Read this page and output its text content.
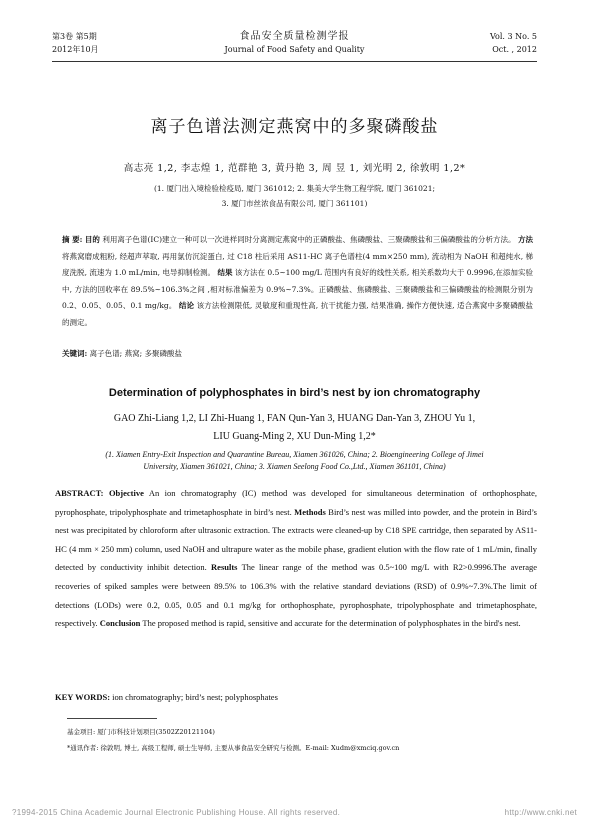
第3卷 第5期
2012年10月
食品安全质量检测学报
Journal of Food Safety and Quality
Vol. 3 No. 5
Oct. , 2012
离子色谱法测定燕窝中的多聚磷酸盐
高志亮 1,2, 李志煌 1, 范群艳 3, 黄丹艳 3, 周 昱 1, 刘光明 2, 徐敦明 1,2*
(1. 厦门出入境检验检疫局, 厦门 361012; 2. 集美大学生物工程学院, 厦门 361021;
3. 厦门市丝浓食品有限公司, 厦门 361101)
摘 要: 目的 利用离子色谱(IC)建立一种可以一次进样同时分离测定燕窝中的正磷酸盐、焦磷酸盐、三聚磷酸盐和三偏磷酸盐的分析方法。 方法 将燕窝磨成粗粉, 经超声萃取, 再用氯仿沉淀蛋白, 过 C18 柱后采用 AS11-HC 离子色谱柱(4 mm×250 mm), 流动相为 NaOH 和超纯水, 梯度洗脱, 流速为 1.0 mL/min, 电导抑制检测。 结果 该方法在 0.5~100 mg/L 范围内有良好的线性关系, 相关系数均大于 0.9996,在添加实验中, 方法的回收率在 89.5%~106.3%之间 ,相对标准偏差为 0.9%~7.3%。正磷酸盐、焦磷酸盐、三聚磷酸盐和三偏磷酸盐的检测限分别为 0.2、0.05、0.05、0.1 mg/kg。 结论 该方法检测限低, 灵敏度和重现性高, 抗干扰能力强, 结果准确, 操作方便快速, 适合燕窝中多聚磷酸盐的测定。
关键词: 离子色谱; 燕窝; 多聚磷酸盐
Determination of polyphosphates in bird’s nest by ion chromatography
GAO Zhi-Liang 1,2, LI Zhi-Huang 1, FAN Qun-Yan 3, HUANG Dan-Yan 3, ZHOU Yu 1,
LIU Guang-Ming 2, XU Dun-Ming 1,2*
(1. Xiamen Entry-Exit Inspection and Quarantine Bureau, Xiamen 361026, China; 2. Bioengineering College of Jimei
University, Xiamen 361021, China; 3. Xiamen Seelong Food Co.,Ltd., Xiamen 361101, China)
ABSTRACT: Objective An ion chromatography (IC) method was developed for simultaneous determination of orthophosphate, pyrophosphate, tripolyphosphate and trimetaphosphate in bird’s nest. Methods Bird’s nest was milled into powder, and the protein in Bird’s nest was precipitated by chloroform after ultrasonic extraction. The extracts were cleaned-up by C18 SPE cartridge, then separated by AS11-HC (4 mm × 250 mm) column, used NaOH and ultrapure water as the mobile phase, gradient elution with the flow rate of 1 mL/min, finally detected by conductivity inhibit detection. Results The linear range of the method was 0.5~100 mg/L with R2>0.9996.The average recoveries of spiked samples were between 89.5% to 106.3% with the relative standard deviations (RSD) of 0.9%~7.3%.The limit of detections (LODs) were 0.2, 0.05, 0.05 and 0.1 mg/kg for orthophosphate, pyrophosphate, tripolyphosphate and trimetaphosphate, respectively. Conclusion The proposed method is rapid, sensitive and accurate for the determination of polyphosphates in the bird's nest.
KEY WORDS: ion chromatography; bird’s nest; polyphosphates
基金项目: 厦门市科技计划项目(3502Z20121104)
*通讯作者: 徐敦明, 博士, 高级工程师, 硕士生导师, 主要从事食品安全研究与检测。E-mail: Xudm@xmciq.gov.cn
?1994-2015 China Academic Journal Electronic Publishing House. All rights reserved.	http://www.cnki.net
